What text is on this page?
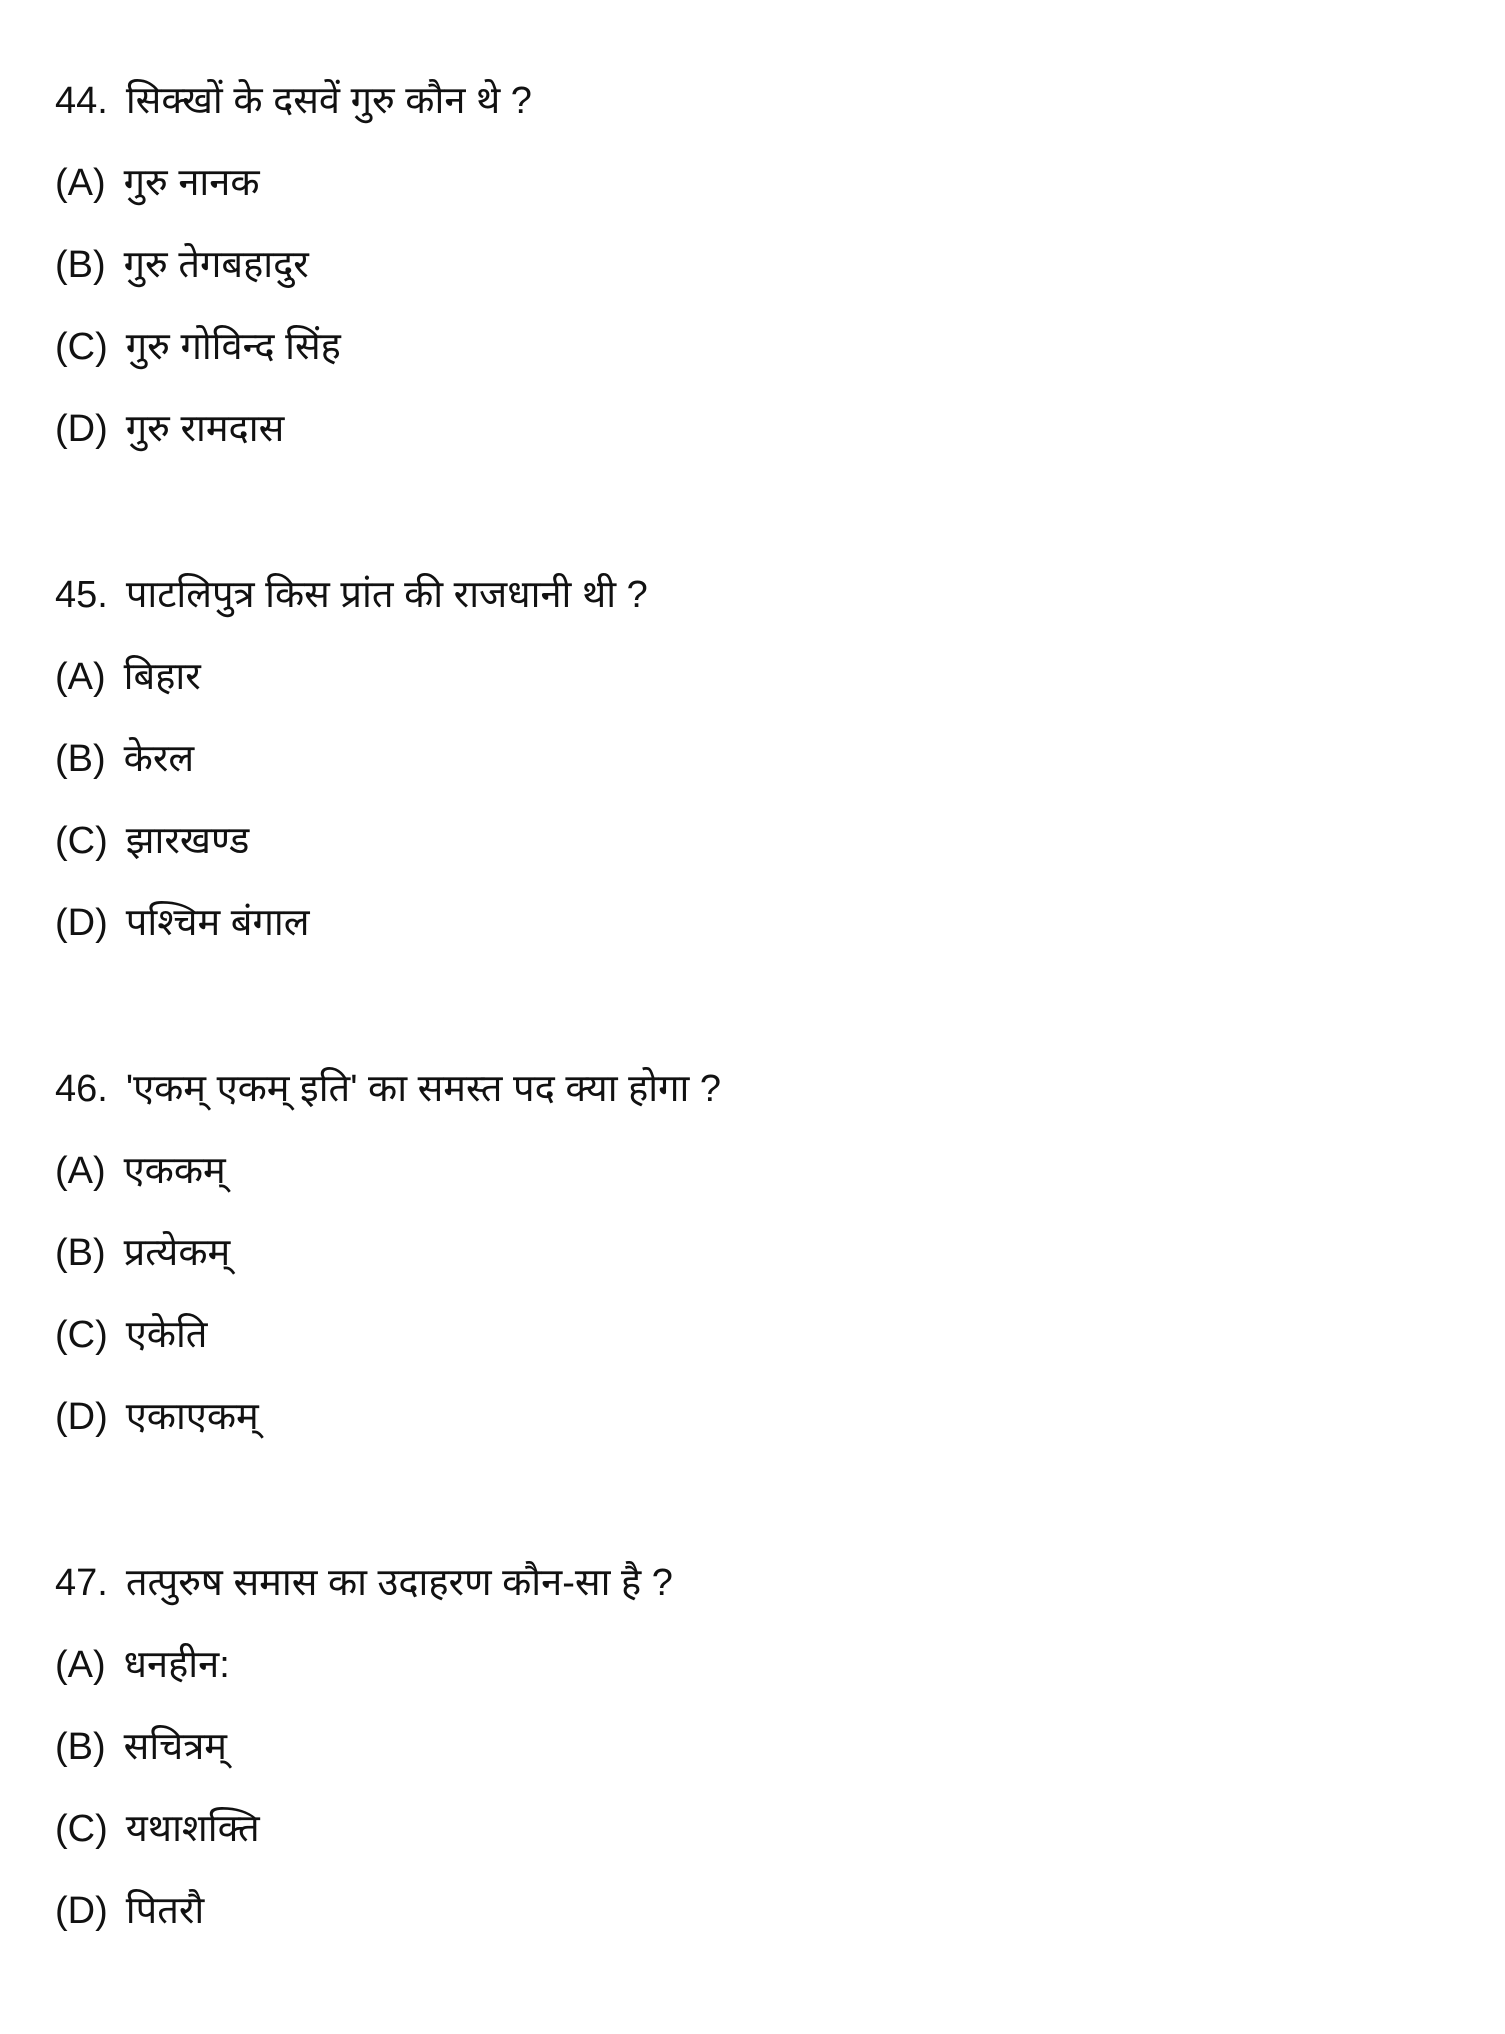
44. सिक्खों के दसवें गुरु कौन थे ?
(A) गुरु नानक
(B) गुरु तेगबहादुर
(C) गुरु गोविन्द सिंह
(D) गुरु रामदास
45. पाटलिपुत्र किस प्रांत की राजधानी थी ?
(A) बिहार
(B) केरल
(C) झारखण्ड
(D) पश्चिम बंगाल
46. 'एकम् एकम् इति' का समस्त पद क्या होगा ?
(A) एककम्
(B) प्रत्येकम्
(C) एकेति
(D) एकाएकम्
47. तत्पुरुष समास का उदाहरण कौन-सा है ?
(A) धनहीन:
(B) सचित्रम्
(C) यथाशक्ति
(D) पितरौ
